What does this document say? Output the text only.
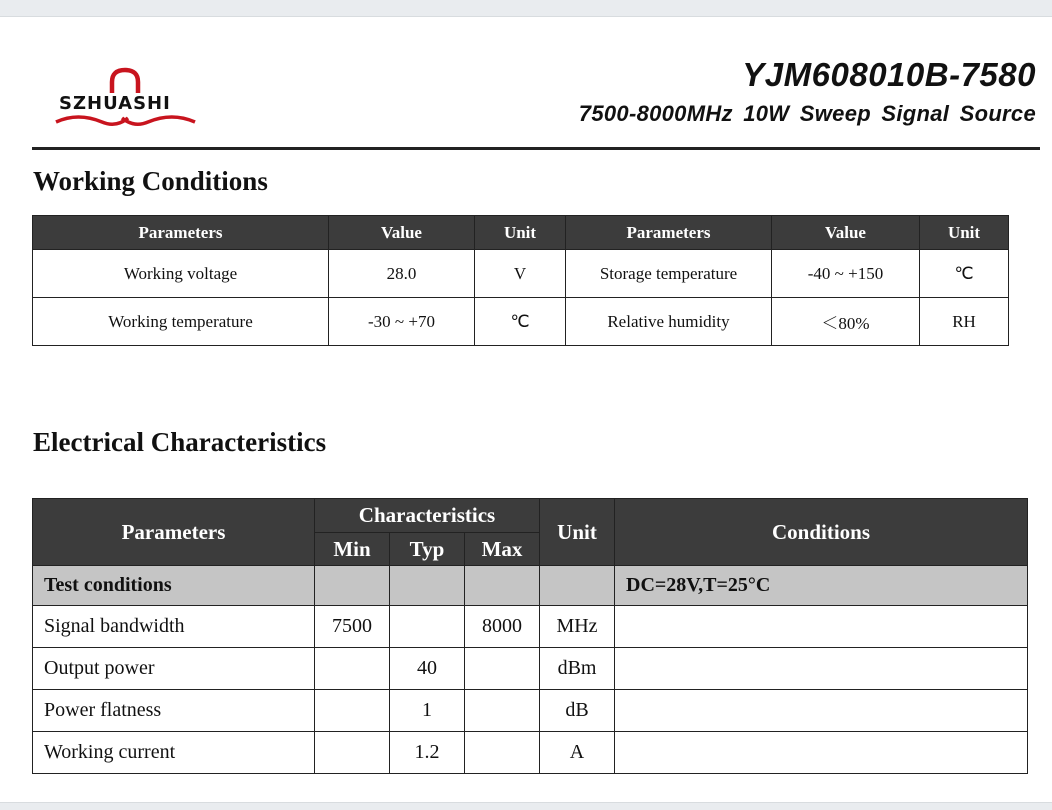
SZHUASHI

YJM608010B-7580

7500-8000MHz 10W Sweep Signal Source

Working Conditions
Parameters	Value	Unit	Parameters	Value	Unit
Working voltage	28.0	V	Storage temperature	-40 ~ +150	℃
Working temperature	-30 ~ +70	℃	Relative humidity	＜80%	RH
Electrical Characteristics
Parameters	Characteristics			Unit	Conditions
	Min	Typ	Max		
Test conditions					DC=28V,T=25°C
Signal bandwidth	7500		8000	MHz	
Output power		40		dBm	
Power flatness		1		dB	
Working current		1.2		A	
